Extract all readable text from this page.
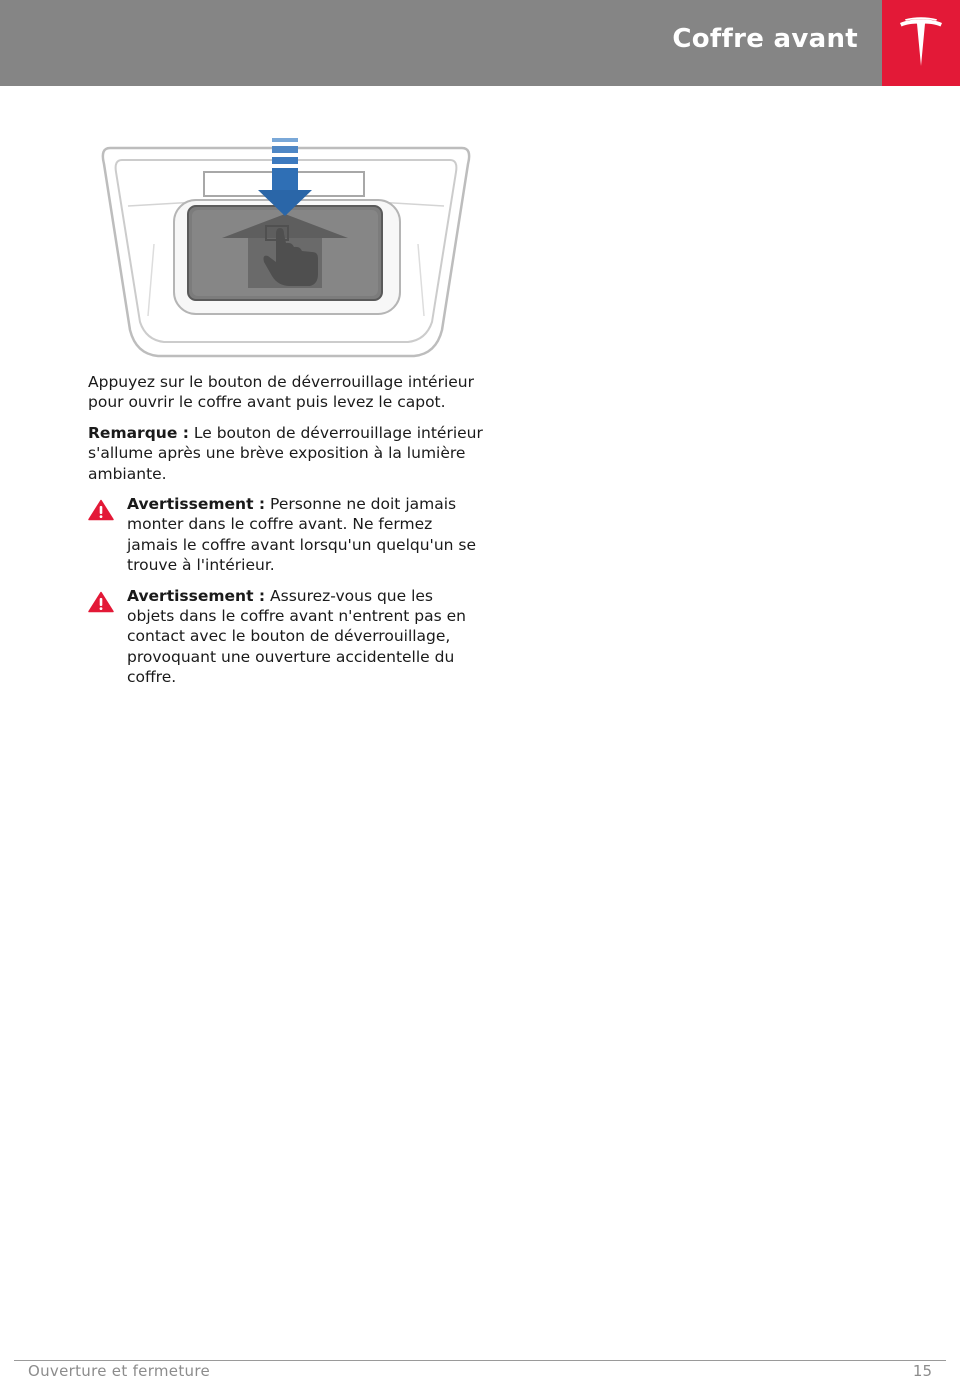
Coffre avant

Appuyez sur le bouton de déverrouillage intérieur pour ouvrir le coffre avant puis levez le capot.

Remarque : Le bouton de déverrouillage intérieur s'allume après une brève exposition à la lumière ambiante.

Avertissement : Personne ne doit jamais monter dans le coffre avant. Ne fermez jamais le coffre avant lorsqu'un quelqu'un se trouve à l'intérieur.
Avertissement : Assurez-vous que les objets dans le coffre avant n'entrent pas en contact avec le bouton de déverrouillage, provoquant une ouverture accidentelle du coffre.
Ouverture et fermeture	15
